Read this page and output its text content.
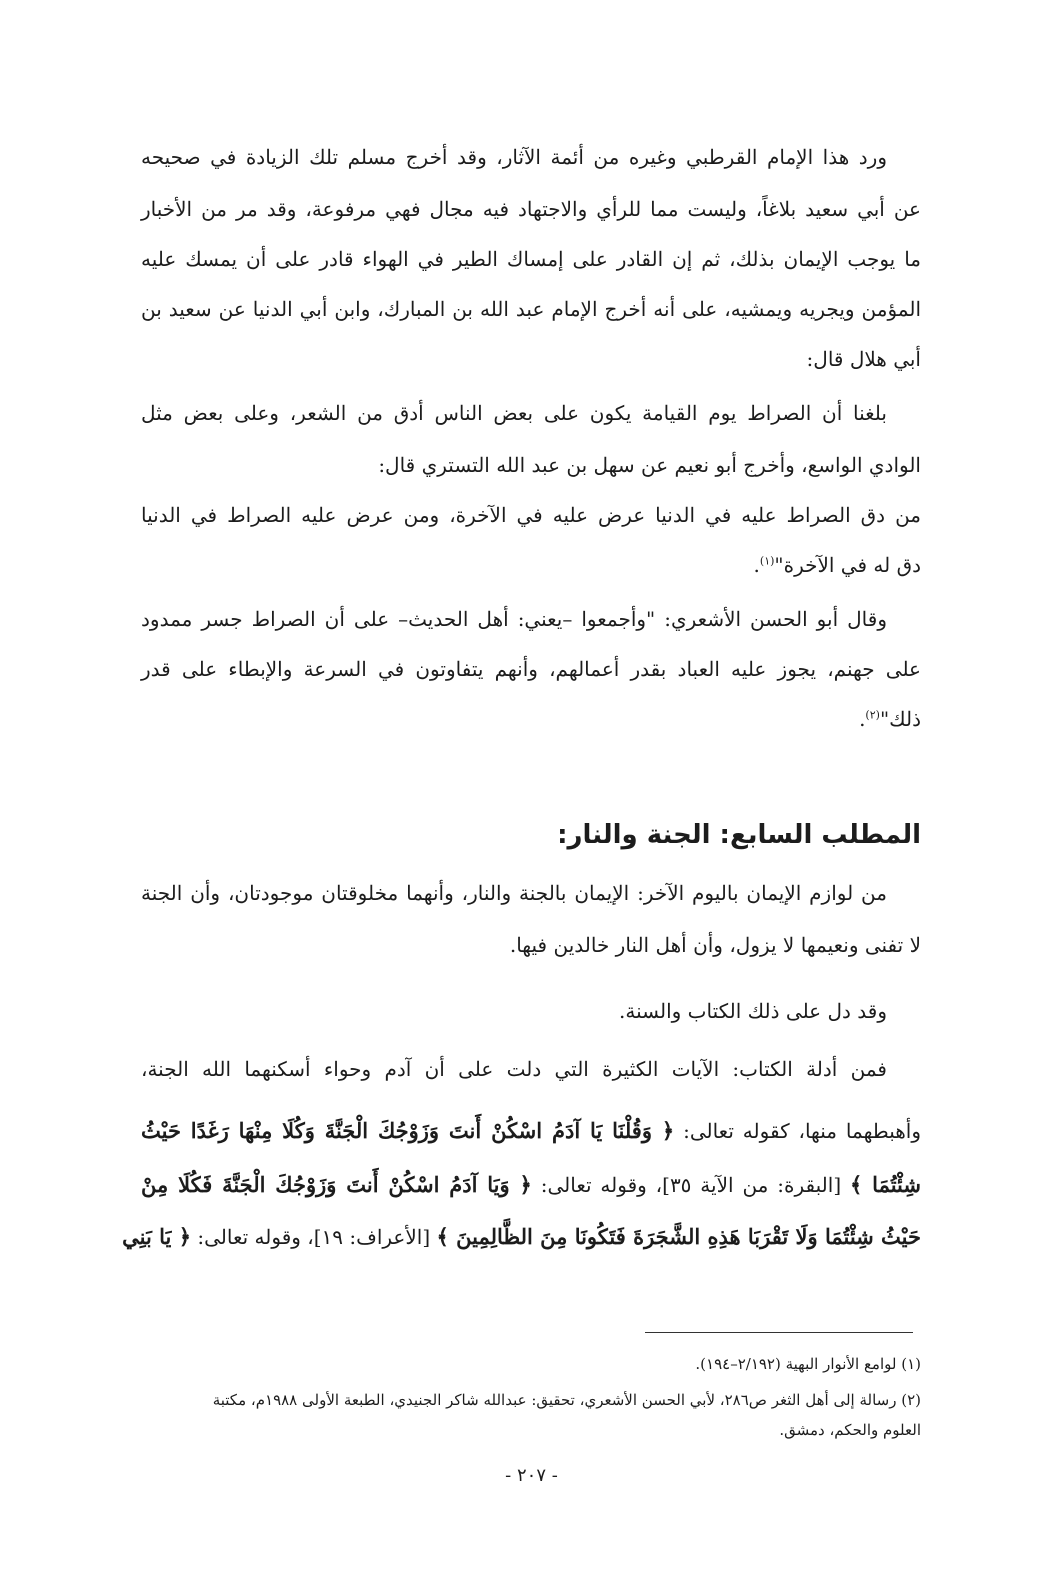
ورد هذا الإمام القرطبي وغيره من أئمة الآثار، وقد أخرج مسلم تلك الزيادة في صحيحه
عن أبي سعيد بلاغاً، وليست مما للرأي والاجتهاد فيه مجال فهي مرفوعة، وقد مر من الأخبار
ما يوجب الإيمان بذلك، ثم إن القادر على إمساك الطير في الهواء قادر على أن يمسك عليه
المؤمن ويجريه ويمشيه، على أنه أخرج الإمام عبد الله بن المبارك، وابن أبي الدنيا عن سعيد بن
أبي هلال قال:
بلغنا أن الصراط يوم القيامة يكون على بعض الناس أدق من الشعر، وعلى بعض مثل
الوادي الواسع، وأخرج أبو نعيم عن سهل بن عبد الله التستري قال:
من دق الصراط عليه في الدنيا عرض عليه في الآخرة، ومن عرض عليه الصراط في الدنيا
دق له في الآخرة"$^{(١)}$.
وقال أبو الحسن الأشعري: "وأجمعوا –يعني: أهل الحديث– على أن الصراط جسر ممدود
على جهنم، يجوز عليه العباد بقدر أعمالهم، وأنهم يتفاوتون في السرعة والإبطاء على قدر
ذلك"$^{(٢)}$.
المطلب السابع: الجنة والنار:
من لوازم الإيمان باليوم الآخر: الإيمان بالجنة والنار، وأنهما مخلوقتان موجودتان، وأن الجنة
لا تفنى ونعيمها لا يزول، وأن أهل النار خالدين فيها.
وقد دل على ذلك الكتاب والسنة.
فمن أدلة الكتاب: الآيات الكثيرة التي دلت على أن آدم وحواء أسكنهما الله الجنة،
وأهبطهما منها، كقوله تعالى: ﴿ وَقُلْنَا يَا آدَمُ اسْكُنْ أَنتَ وَزَوْجُكَ الْجَنَّةَ وَكُلَا مِنْهَا رَغَدًا حَيْثُ
شِئْتُمَا ﴾ [البقرة: من الآية ٣٥]، وقوله تعالى: ﴿ وَيَا آدَمُ اسْكُنْ أَنتَ وَزَوْجُكَ الْجَنَّةَ فَكُلَا مِنْ
حَيْثُ شِئْتُمَا وَلَا تَقْرَبَا هَذِهِ الشَّجَرَةَ فَتَكُونَا مِنَ الظَّالِمِينَ ﴾ [الأعراف: ١٩]، وقوله تعالى: ﴿ يَا بَنِي
(١) لوامع الأنوار البهية (٢/١٩٢–١٩٤).
(٢) رسالة إلى أهل الثغر ص٢٨٦، لأبي الحسن الأشعري، تحقيق: عبدالله شاكر الجنيدي، الطبعة الأولى ١٩٨٨م، مكتبة
العلوم والحكم، دمشق.
- ٢٠٧ -
